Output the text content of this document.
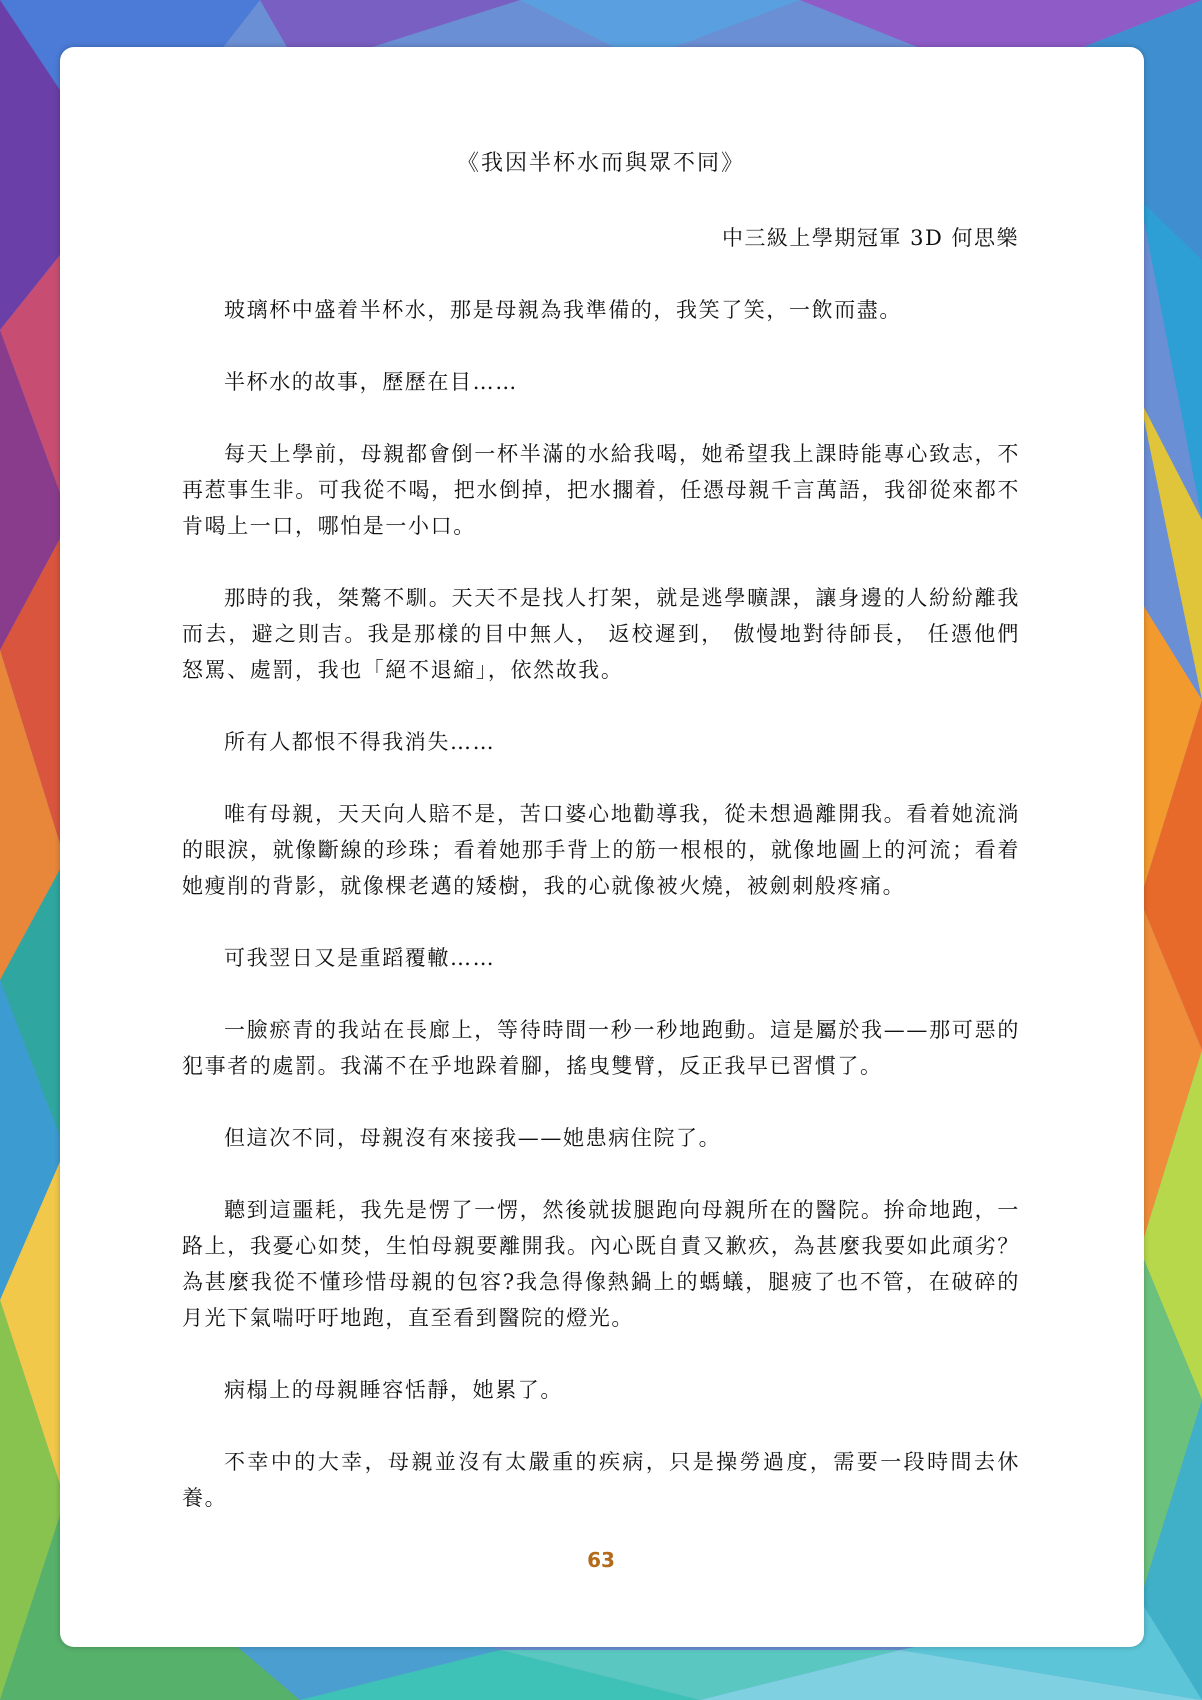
《我因半杯水而與眾不同》
中三級上學期冠軍 3D 何思樂

玻璃杯中盛着半杯水，那是母親為我準備的，我笑了笑，一飲而盡。

半杯水的故事，歷歷在目……

每天上學前，母親都會倒一杯半滿的水給我喝，她希望我上課時能專心致志，不再惹事生非。可我從不喝，把水倒掉，把水擱着，任憑母親千言萬語，我卻從來都不肯喝上一口，哪怕是一小口。

那時的我，桀驁不馴。天天不是找人打架，就是逃學曠課，讓身邊的人紛紛離我而去，避之則吉。我是那樣的目中無人， 返校遲到， 傲慢地對待師長， 任憑他們怒罵、處罰，我也「絕不退縮」，依然故我。

所有人都恨不得我消失……

唯有母親，天天向人賠不是，苦口婆心地勸導我，從未想過離開我。看着她流淌的眼淚，就像斷線的珍珠；看着她那手背上的筋一根根的，就像地圖上的河流；看着她瘦削的背影，就像棵老邁的矮樹，我的心就像被火燒，被劍刺般疼痛。

可我翌日又是重蹈覆轍……

一臉瘀青的我站在長廊上，等待時間一秒一秒地跑動。這是屬於我——那可惡的犯事者的處罰。我滿不在乎地跺着腳，搖曳雙臂，反正我早已習慣了。

但這次不同，母親沒有來接我——她患病住院了。

聽到這噩耗，我先是愣了一愣，然後就拔腿跑向母親所在的醫院。拚命地跑，一路上，我憂心如焚，生怕母親要離開我。內心既自責又歉疚，為甚麼我要如此頑劣？為甚麼我從不懂珍惜母親的包容?我急得像熱鍋上的螞蟻，腿疲了也不管，在破碎的月光下氣喘吁吁地跑，直至看到醫院的燈光。

病榻上的母親睡容恬靜，她累了。

不幸中的大幸，母親並沒有太嚴重的疾病，只是操勞過度，需要一段時間去休養。

63
